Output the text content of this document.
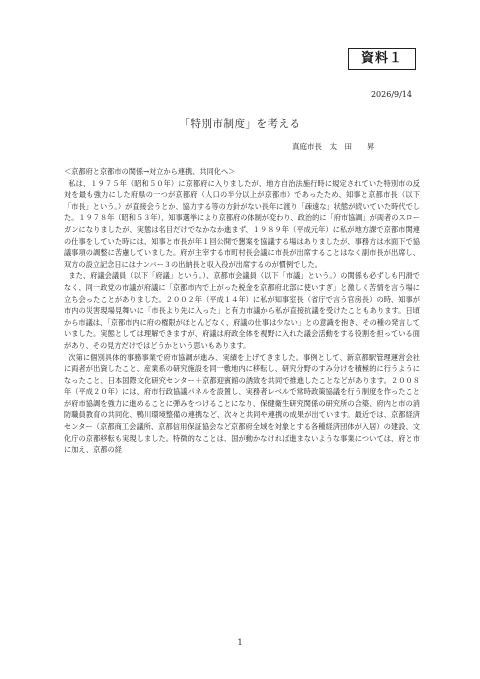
資料１
2026/9/14
「特別市制度」を考える
真庭市長　太　田　　昇

＜京都府と京都市の関係→対立から連携、共同化へ＞

私は、１９７５年（昭和５０年）に京都府に入りましたが、地方自治法施行時に規定されていた特別市の反対を最も強力にした府県の一つが京都府（人口の半分以上が京都市）であったため、知事と京都市長（以下「市長」という。）が直接会うとか、協力する等の方針がない長年に渡り「疎遠な」状態が続いていた時代でした。１９７８年（昭和５３年）、知事選挙により京都府の体制が変わり、政治的に「府市協調」が両者のスローガンになりましたが、実態は名目だけでなかなか進まず、１９８９年（平成元年）に私が地方課で京都市関連の仕事をしていた時には、知事と市長が年１回公開で懇案を協議する場はありましたが、事務方は水面下で協議事項の調整に苦慮していました。府が主宰する市町村長会議に市長が出席することはなく副市長が出席し、双方の設立記念日にはナンバー３の出納長と収入役が出席するのが慣例でした。

また、府議会議員（以下「府議」という。）、京都市会議員（以下「市議」という。）の関係も必ずしも円滑でなく、同一政党の市議が府議に「京都市内で上がった税金を京都府北部に使いすぎ」と激しく苦情を言う場に立ち会ったことがありました。２００２年（平成１４年）に私が知事室長（省庁で言う官房長）の時、知事が市内の災害現場見舞いに「市長より先に入った」と有力市議から私が直接抗議を受けたこともあります。日頃から市議は、「京都市内に府の権限がほとんどなく、府議の仕事は少ない」との意識を抱き、その種の発言していました。実態としては理解できますが、府議は府政全体を視野に入れた議会活動をする役割を担っている面があり、その見方だけではどうかという思いもあります。

次第に個別具体的事務事業で府市協調が進み、実績を上げてきました。事例として、新京都駅管理運営会社に両者が出資したこと、産業系の研究施設を同一敷地内に移転し、研究分野のすみ分けを積極的に行うようになったこと、日本国際文化研究センター＋京都迎賓館の誘致を共同で推進したことなどがあります。２００８年（平成２０年）には、府市行政協議パネルを設置し、実務者レベルで常時政策協議を行う制度を作ったことが府市協調を強力に進めることに弾みをつけることになり、保健衛生研究関係の研究所の合築、府内と市の消防職員教育の共同化、鴨川環境整備の連携など、次々と共同や連携の成果が出ています。最近では、京都経済センター（京都商工会議所、京都信用保証協会など京都府全域を対象とする各種経済団体が入居）の建設、文化庁の京都移転も実現しました。特徴的なことは、国が動かなければ進まないような事業については、府と市に加え、京都の経

1
